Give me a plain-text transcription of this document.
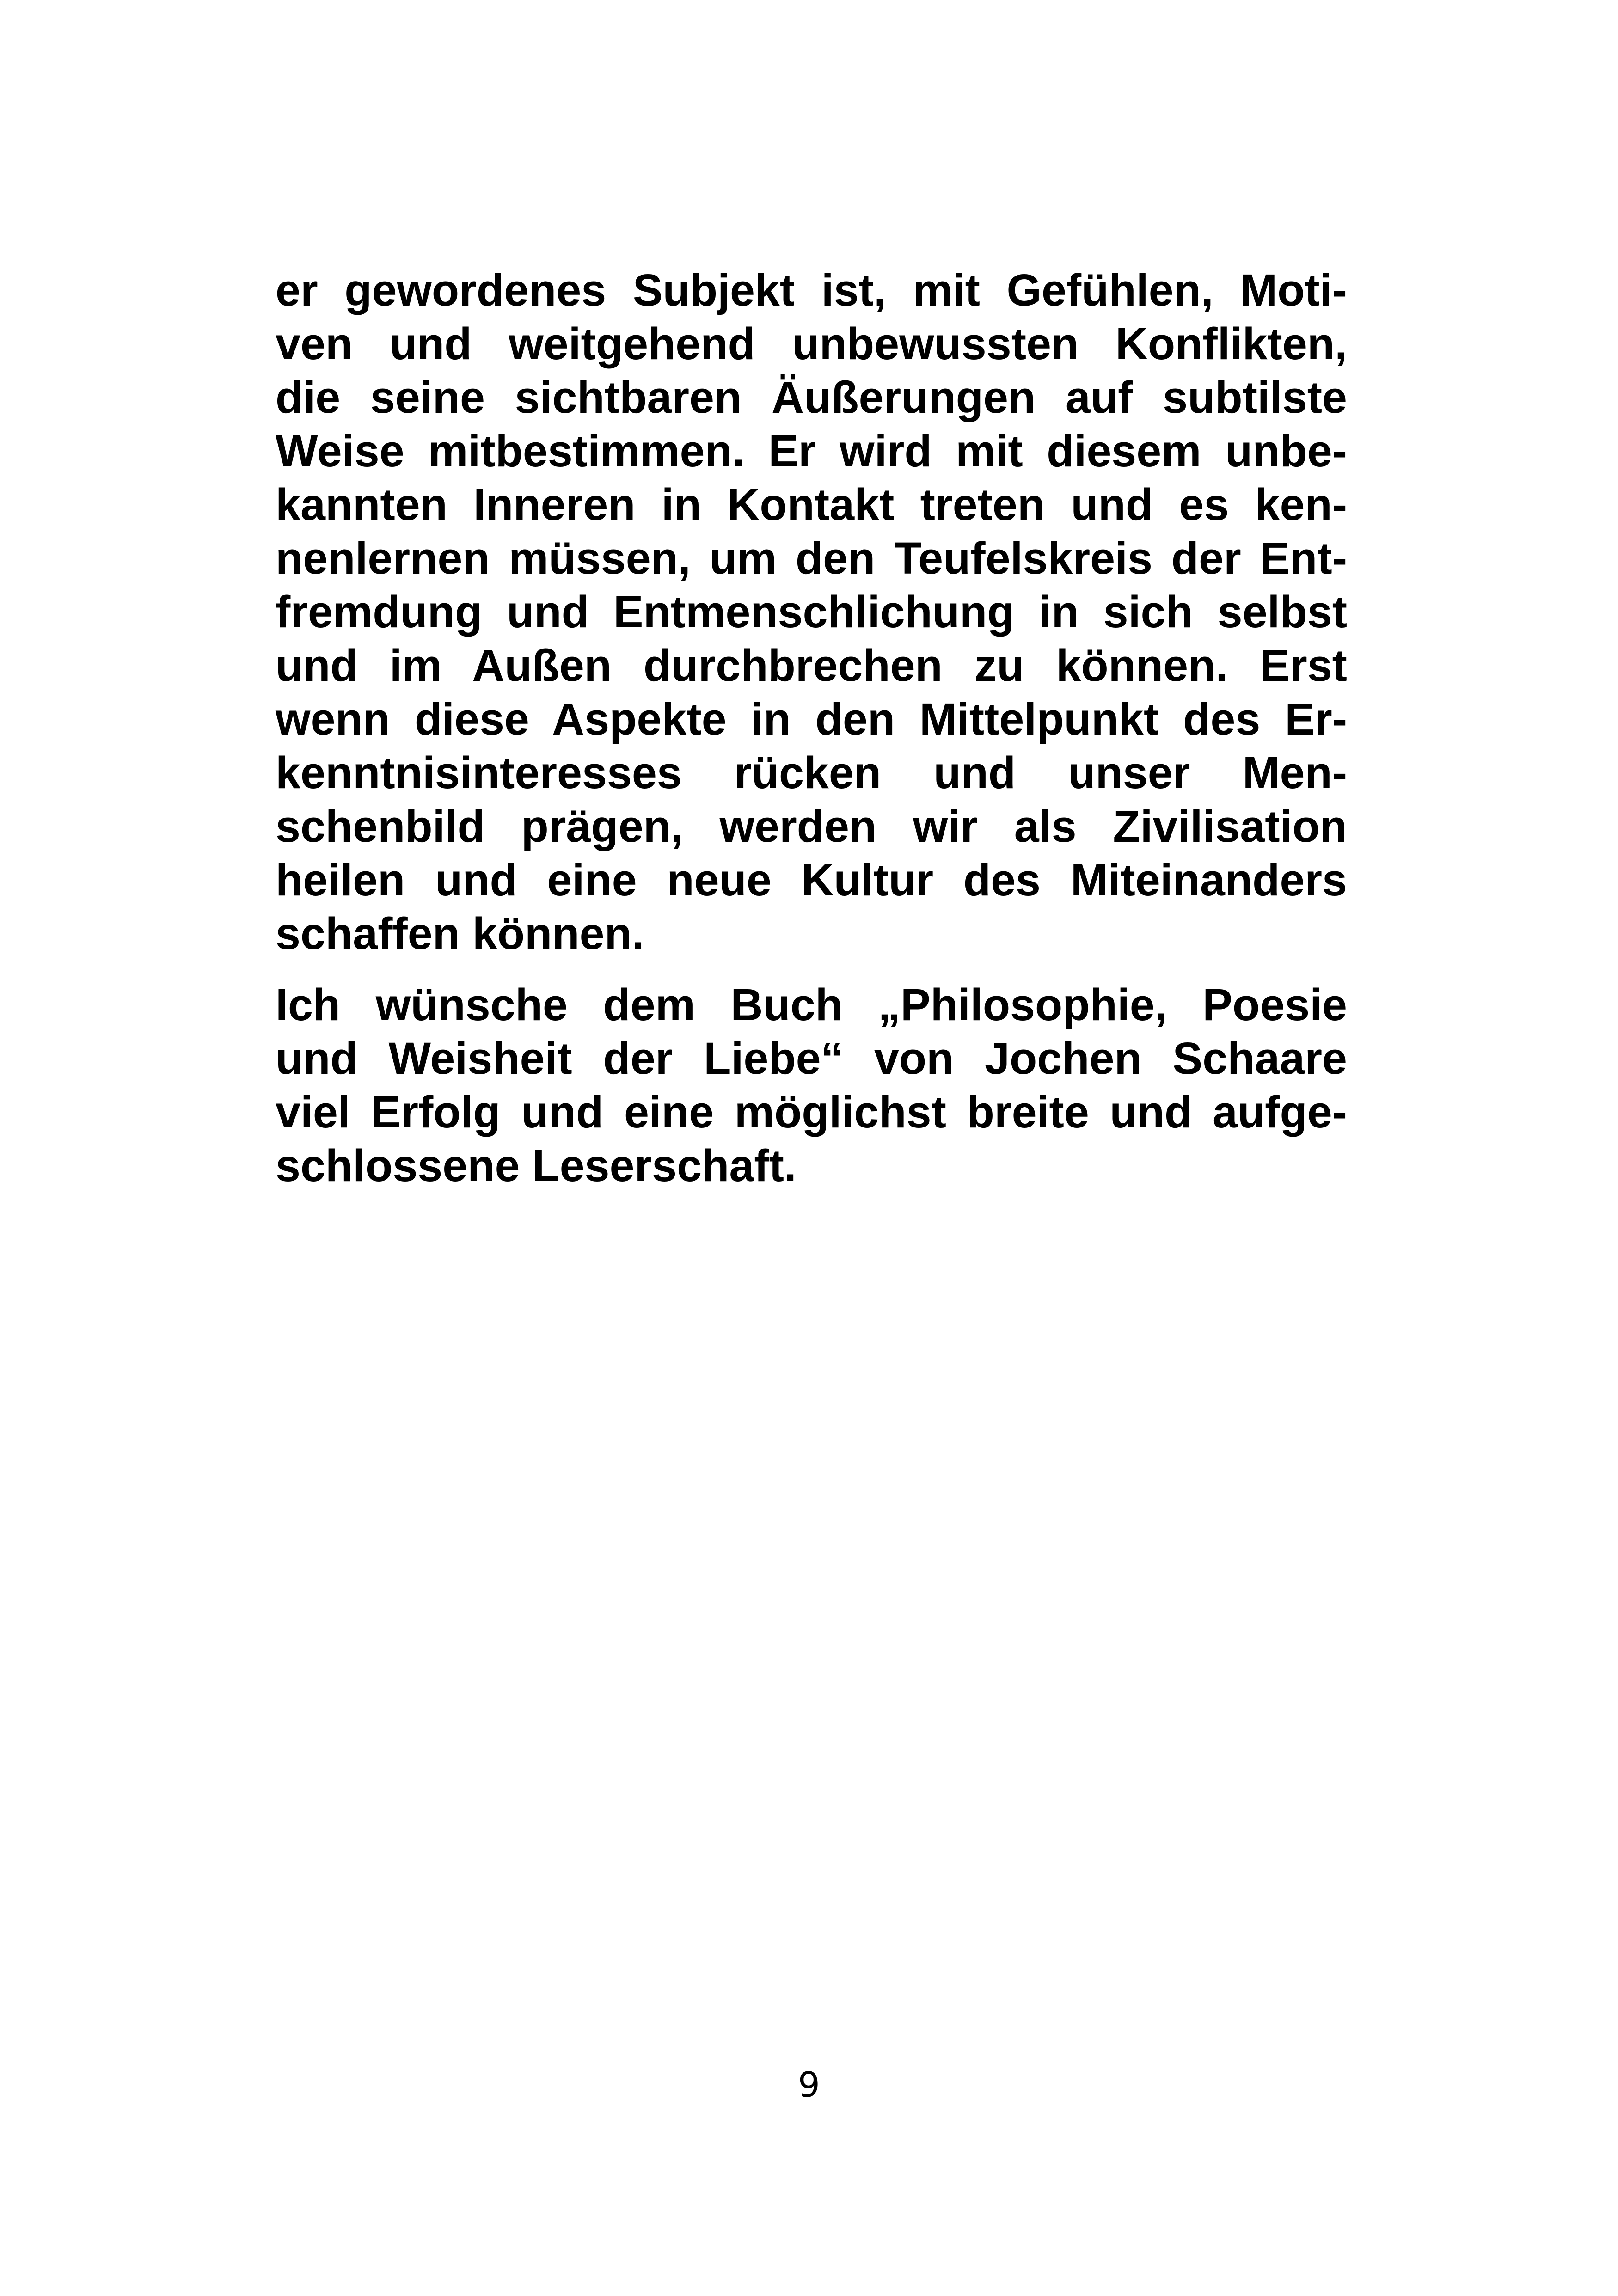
er gewordenes Subjekt ist, mit Gefühlen, Moti-
ven und weitgehend unbewussten Konflikten,
die seine sichtbaren Äußerungen auf subtilste
Weise mitbestimmen. Er wird mit diesem unbe-
kannten Inneren in Kontakt treten und es ken-
nenlernen müssen, um den Teufelskreis der Ent-
fremdung und Entmenschlichung in sich selbst
und im Außen durchbrechen zu können. Erst
wenn diese Aspekte in den Mittelpunkt des Er-
kenntnisinteresses rücken und unser Men-
schenbild prägen, werden wir als Zivilisation
heilen und eine neue Kultur des Miteinanders
schaffen können.
Ich wünsche dem Buch „Philosophie, Poesie
und Weisheit der Liebe“ von Jochen Schaare
viel Erfolg und eine möglichst breite und aufge-
schlossene Leserschaft.
9
